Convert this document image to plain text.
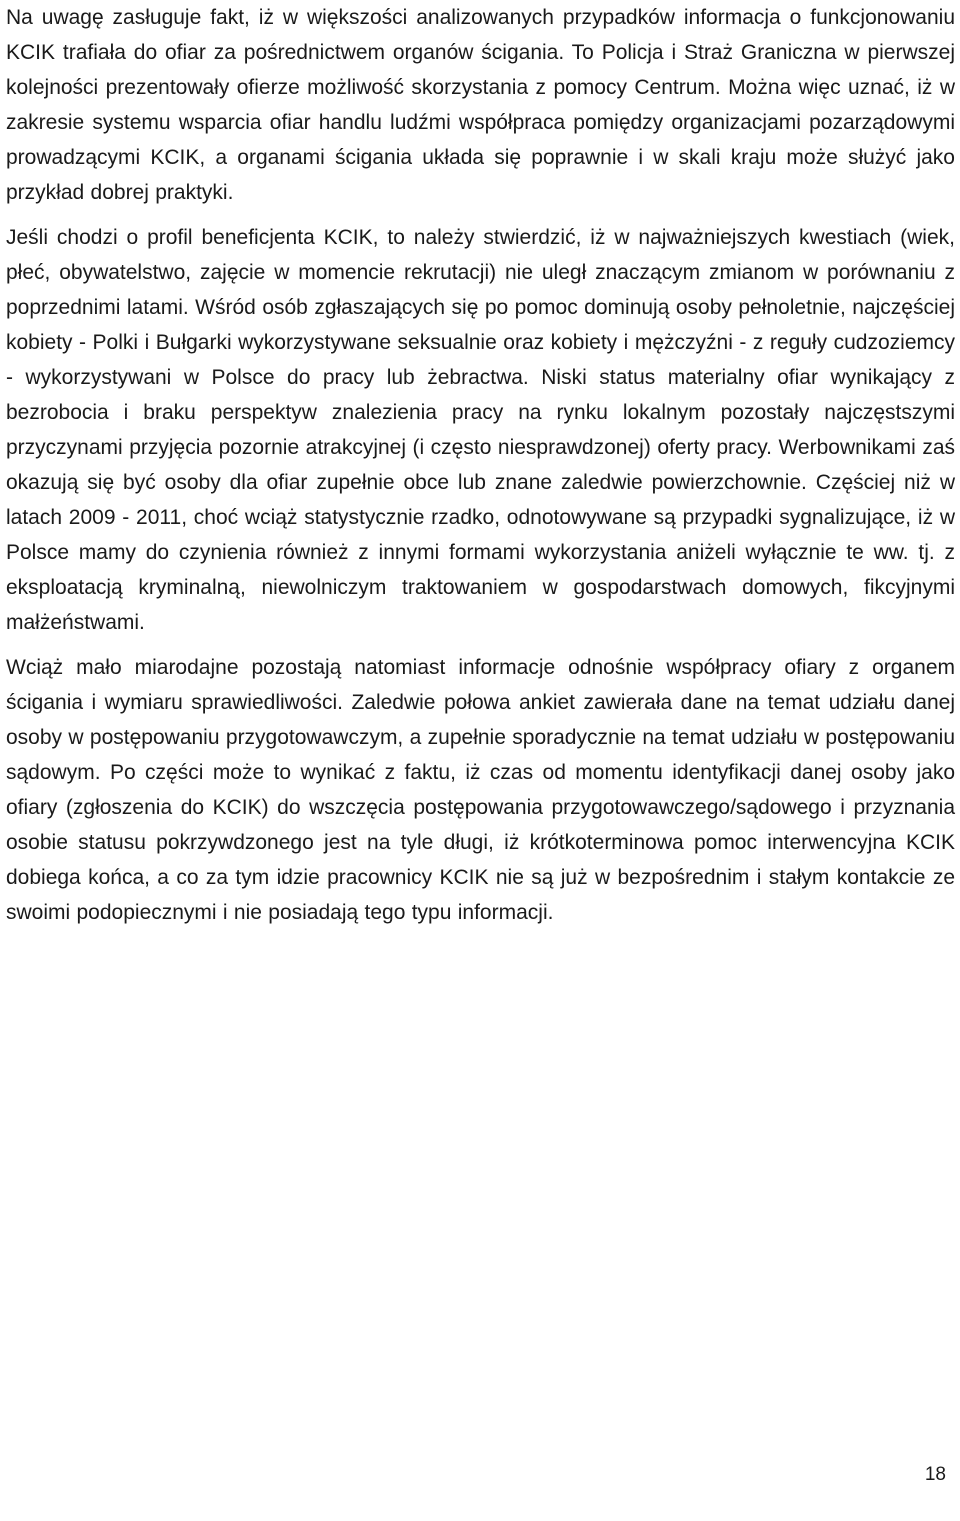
Na uwagę zasługuje fakt, iż w większości analizowanych przypadków informacja o funkcjonowaniu KCIK trafiała do ofiar za pośrednictwem organów ścigania. To Policja i Straż Graniczna w pierwszej kolejności prezentowały ofierze możliwość skorzystania z pomocy Centrum. Można więc uznać, iż w zakresie systemu wsparcia ofiar handlu ludźmi współpraca pomiędzy organizacjami pozarządowymi prowadzącymi KCIK, a organami ścigania układa się poprawnie i w skali kraju może służyć jako przykład dobrej praktyki.

Jeśli chodzi o profil beneficjenta KCIK, to należy stwierdzić, iż w najważniejszych kwestiach (wiek, płeć, obywatelstwo, zajęcie w momencie rekrutacji) nie uległ znaczącym zmianom w porównaniu z poprzednimi latami. Wśród osób zgłaszających się po pomoc dominują osoby pełnoletnie, najczęściej kobiety - Polki i Bułgarki wykorzystywane seksualnie oraz kobiety i mężczyźni - z reguły cudzoziemcy - wykorzystywani w Polsce do pracy lub żebractwa. Niski status materialny ofiar wynikający z bezrobocia i braku perspektyw znalezienia pracy na rynku lokalnym pozostały najczęstszymi przyczynami przyjęcia pozornie atrakcyjnej (i często niesprawdzonej) oferty pracy. Werbownikami zaś okazują się być osoby dla ofiar zupełnie obce lub znane zaledwie powierzchownie. Częściej niż w latach 2009 - 2011, choć wciąż statystycznie rzadko, odnotowywane są przypadki sygnalizujące, iż w Polsce mamy do czynienia również z innymi formami wykorzystania aniżeli wyłącznie te ww. tj. z eksploatacją kryminalną, niewolniczym traktowaniem w gospodarstwach domowych, fikcyjnymi małżeństwami.

Wciąż mało miarodajne pozostają natomiast informacje odnośnie współpracy ofiary z organem ścigania i wymiaru sprawiedliwości. Zaledwie połowa ankiet zawierała dane na temat udziału danej osoby w postępowaniu przygotowawczym, a zupełnie sporadycznie na temat udziału w postępowaniu sądowym. Po części może to wynikać z faktu, iż czas od momentu identyfikacji danej osoby jako ofiary (zgłoszenia do KCIK) do wszczęcia postępowania przygotowawczego/sądowego i przyznania osobie statusu pokrzywdzonego jest na tyle długi, iż krótkoterminowa pomoc interwencyjna KCIK dobiega końca, a co za tym idzie pracownicy KCIK nie są już w bezpośrednim i stałym kontakcie ze swoimi podopiecznymi i nie posiadają tego typu informacji.

18
